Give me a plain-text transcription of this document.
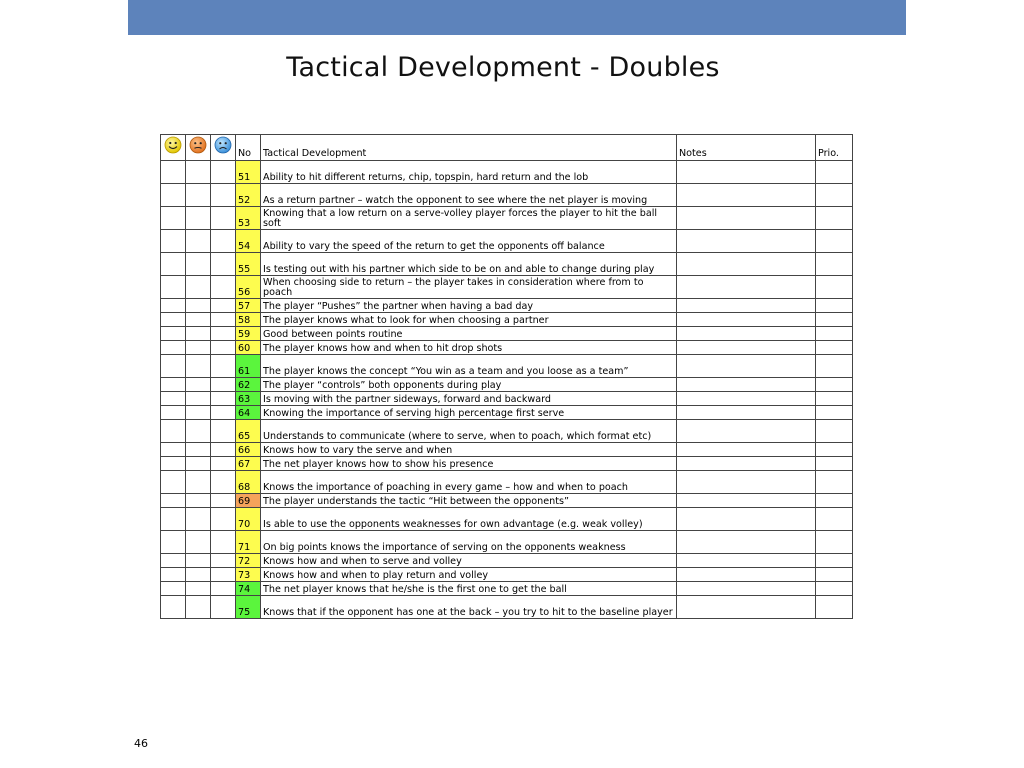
Tactical Development - Doubles

	No	Tactical Development	Notes	Prio.
			51	Ability to hit different returns, chip, topspin, hard return and the lob		
			52	As a return partner – watch the opponent to see where the net player is moving		
			53	Knowing that a low return on a serve-volley player forces the player to hit the ball soft		
			54	Ability to vary the speed of the return to get the opponents off balance		
			55	Is testing out with his partner which side to be on and able to change during play		
			56	When choosing side to return – the player takes in consideration where from to poach		
			57	The player “Pushes” the partner when having a bad day		
			58	The player knows what to look for when choosing a partner		
			59	Good between points routine		
			60	The player knows how and when to hit drop shots		
			61	The player knows the concept “You win as a team and you loose as a team”		
			62	The player “controls” both opponents during play		
			63	Is moving with the partner sideways, forward and backward		
			64	Knowing the importance of serving high percentage first serve		
			65	Understands to communicate (where to serve, when to poach, which format etc)		
			66	Knows how to vary the serve and when		
			67	The net player knows how to show his presence		
			68	Knows the importance of poaching in every game – how and when to poach		
			69	The player understands the tactic “Hit between the opponents”		
			70	Is able to use the opponents weaknesses for own advantage (e.g. weak volley)		
			71	On big points knows the importance of serving on the opponents weakness		
			72	Knows how and when to serve and volley		
			73	Knows how and when to play return and volley		
			74	The net player knows that he/she is the first one to get the ball		
			75	Knows that if the opponent has one at the back – you try to hit to the baseline player		
46
